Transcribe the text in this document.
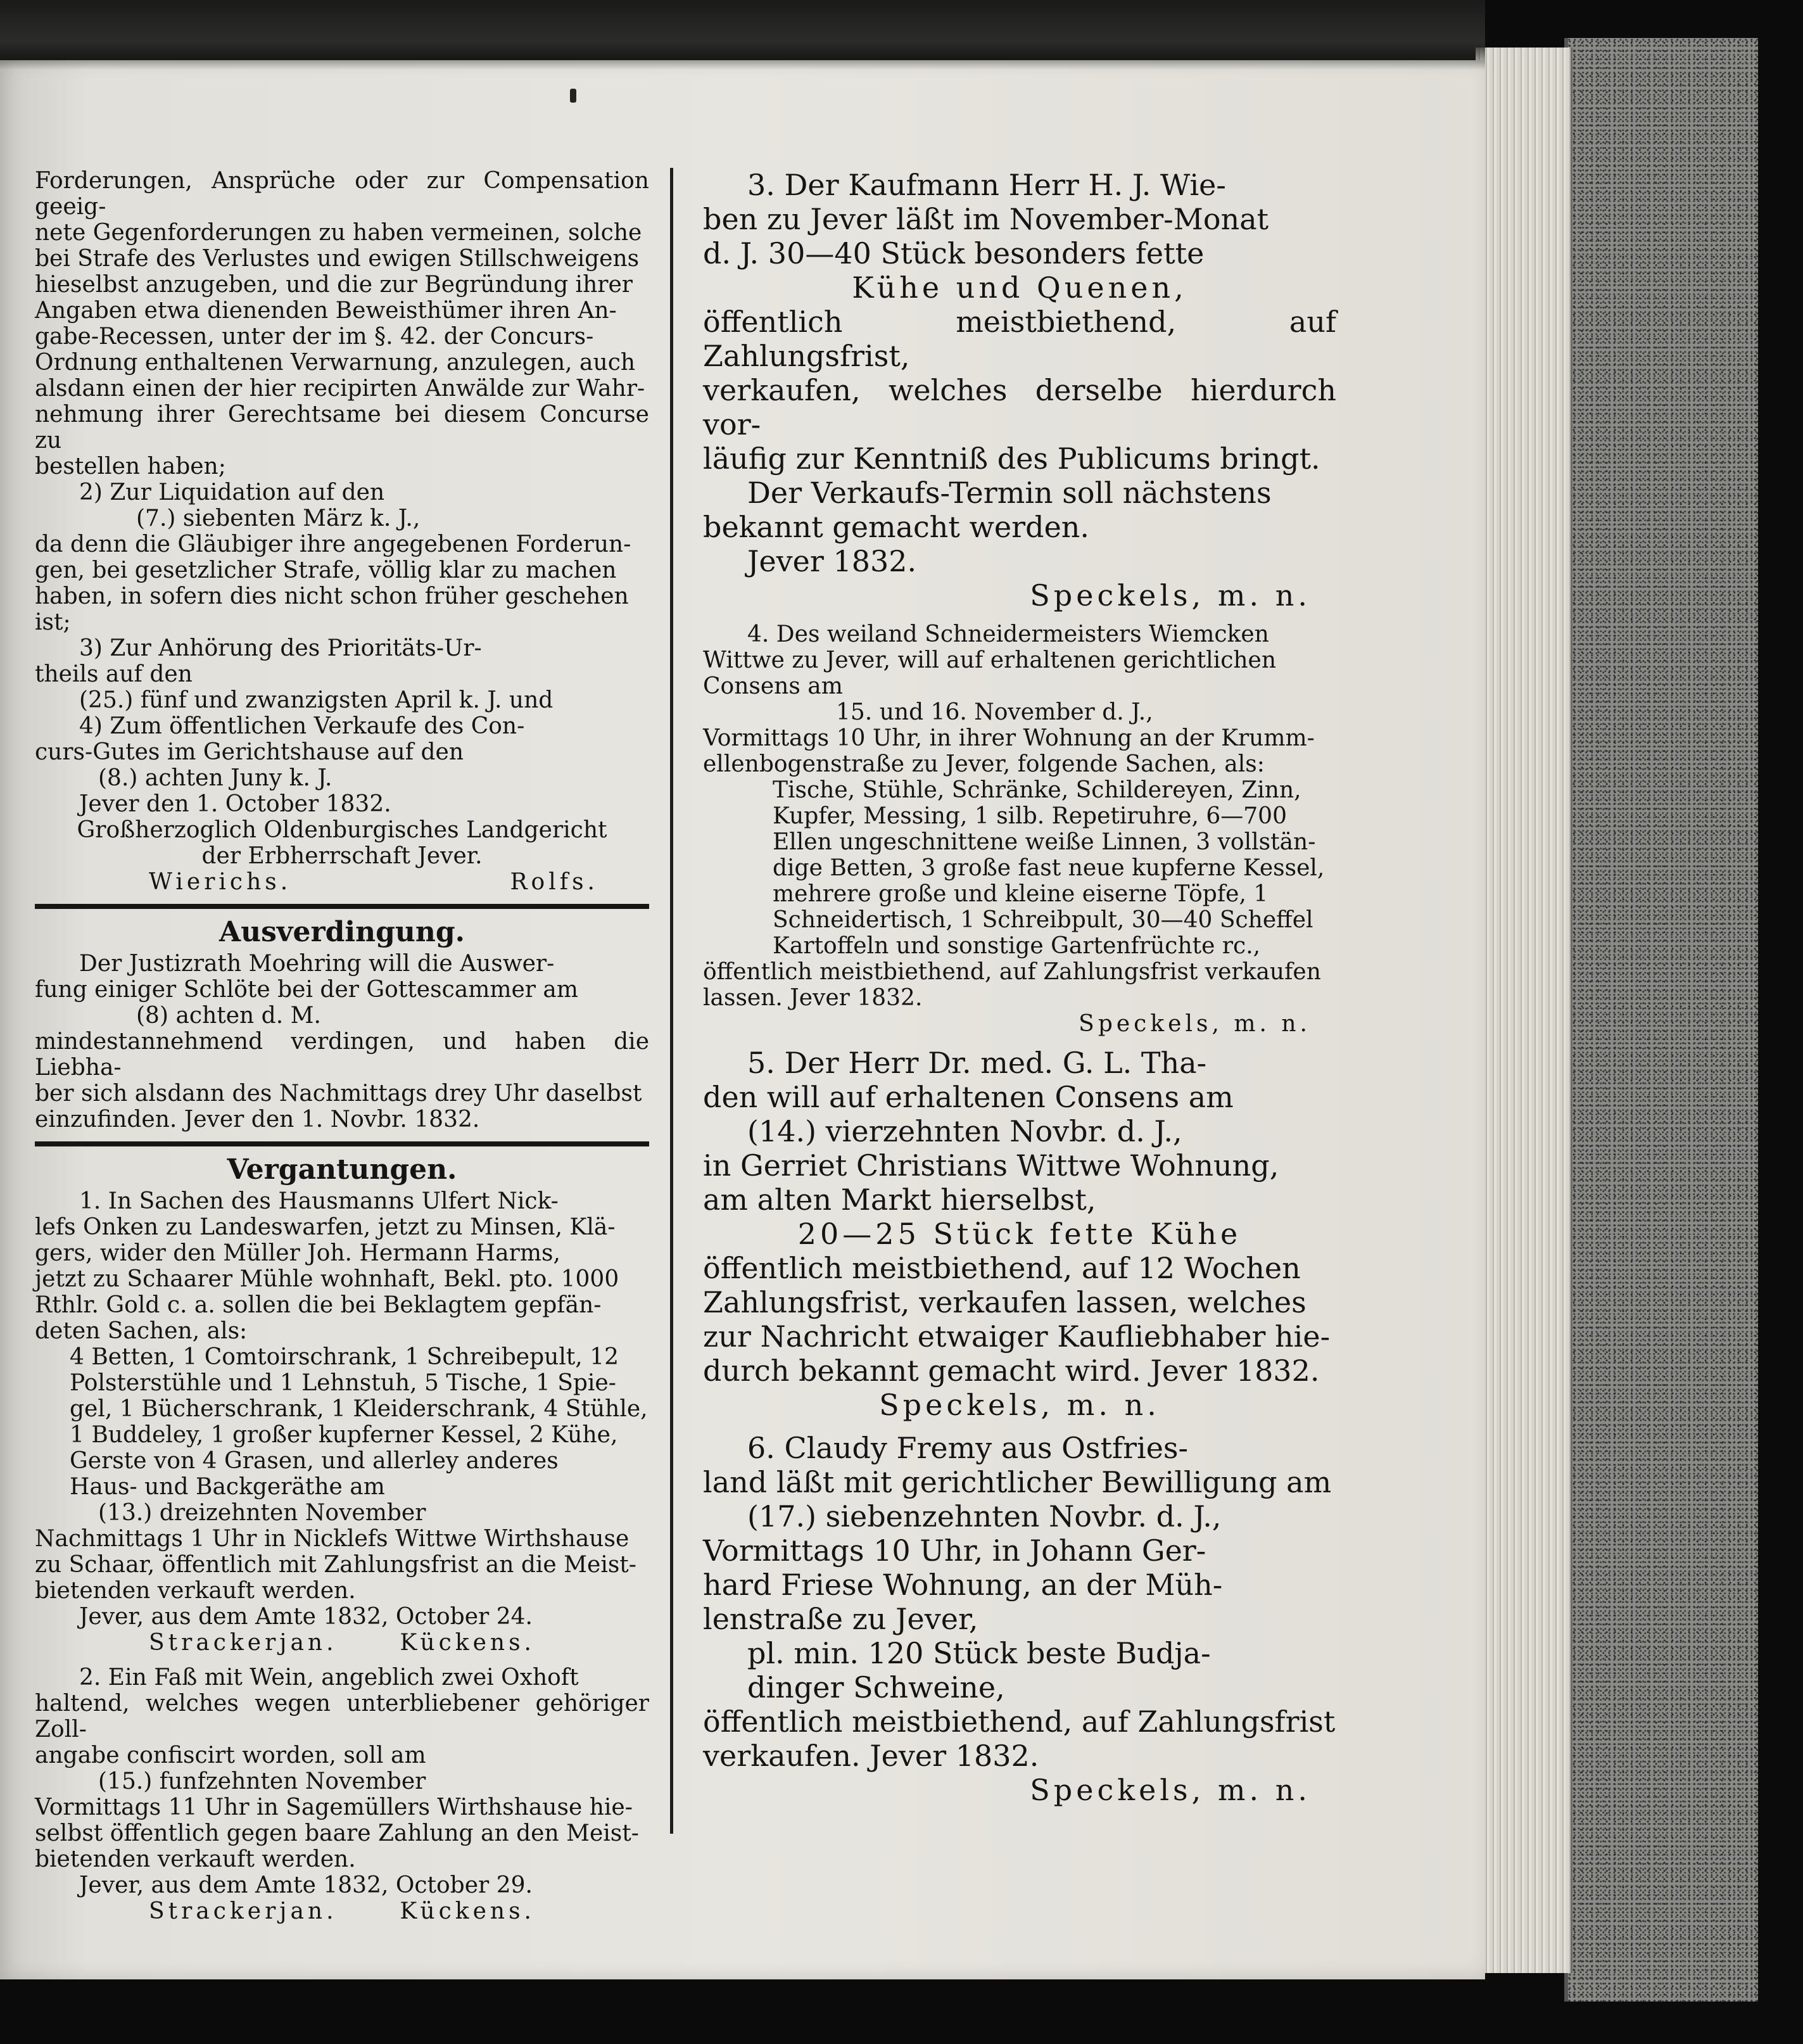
Forderungen, Ansprüche oder zur Compensation geeig-

nete Gegenforderungen zu haben vermeinen, solche

bei Strafe des Verlustes und ewigen Stillschweigens

hieselbst anzugeben, und die zur Begründung ihrer

Angaben etwa dienenden Beweisthümer ihren An-

gabe-Recessen, unter der im §. 42. der Concurs-

Ordnung enthaltenen Verwarnung, anzulegen, auch

alsdann einen der hier recipirten Anwälde zur Wahr-

nehmung ihrer Gerechtsame bei diesem Concurse zu

bestellen haben;

2) Zur Liquidation auf den

(7.) siebenten März k. J.,

da denn die Gläubiger ihre angegebenen Forderun-

gen, bei gesetzlicher Strafe, völlig klar zu machen

haben, in sofern dies nicht schon früher geschehen ist;

3) Zur Anhörung des Prioritäts-Ur-

theils auf den

(25.) fünf und zwanzigsten April k. J. und

4) Zum öffentlichen Verkaufe des Con-

curs-Gutes im Gerichtshause auf den

(8.) achten Juny k. J.

Jever den 1. October 1832.

Großherzoglich Oldenburgisches Landgericht

der Erbherrschaft Jever.

Wierichs.	Rolfs.

Ausverdingung.

Der Justizrath Moehring will die Auswer-

fung einiger Schlöte bei der Gottescammer am

(8) achten d. M.

mindestannehmend verdingen, und haben die Liebha-

ber sich alsdann des Nachmittags drey Uhr daselbst

einzufinden. Jever den 1. Novbr. 1832.

Vergantungen.

1. In Sachen des Hausmanns Ulfert Nick-

lefs Onken zu Landeswarfen, jetzt zu Minsen, Klä-

gers, wider den Müller Joh. Hermann Harms,

jetzt zu Schaarer Mühle wohnhaft, Bekl. pto. 1000

Rthlr. Gold c. a. sollen die bei Beklagtem gepfän-

deten Sachen, als:

4 Betten, 1 Comtoirschrank, 1 Schreibepult, 12

Polsterstühle und 1 Lehnstuh, 5 Tische, 1 Spie-

gel, 1 Bücherschrank, 1 Kleiderschrank, 4 Stühle,

1 Buddeley, 1 großer kupferner Kessel, 2 Kühe,

Gerste von 4 Grasen, und allerley anderes

Haus- und Backgeräthe am

(13.) dreizehnten November

Nachmittags 1 Uhr in Nicklefs Wittwe Wirthshause

zu Schaar, öffentlich mit Zahlungsfrist an die Meist-

bietenden verkauft werden.

Jever, aus dem Amte 1832, October 24.

Strackerjan.	Kückens.

2. Ein Faß mit Wein, angeblich zwei Oxhoft

haltend, welches wegen unterbliebener gehöriger Zoll-

angabe confiscirt worden, soll am

(15.) funfzehnten November

Vormittags 11 Uhr in Sagemüllers Wirthshause hie-

selbst öffentlich gegen baare Zahlung an den Meist-

bietenden verkauft werden.

Jever, aus dem Amte 1832, October 29.

Strackerjan.	Kückens.

3. Der Kaufmann Herr H. J. Wie-

ben zu Jever läßt im November-Monat

d. J. 30—40 Stück besonders fette

Kühe und Quenen,

öffentlich meistbiethend, auf Zahlungsfrist,

verkaufen, welches derselbe hierdurch vor-

läufig zur Kenntniß des Publicums bringt.

Der Verkaufs-Termin soll nächstens

bekannt gemacht werden.

Jever 1832.

Speckels, m. n.

4. Des weiland Schneidermeisters Wiemcken

Wittwe zu Jever, will auf erhaltenen gerichtlichen

Consens am

15. und 16. November d. J.,

Vormittags 10 Uhr, in ihrer Wohnung an der Krumm-

ellenbogenstraße zu Jever, folgende Sachen, als:

Tische, Stühle, Schränke, Schildereyen, Zinn,

Kupfer, Messing, 1 silb. Repetiruhre, 6—700

Ellen ungeschnittene weiße Linnen, 3 vollstän-

dige Betten, 3 große fast neue kupferne Kessel,

mehrere große und kleine eiserne Töpfe, 1

Schneidertisch, 1 Schreibpult, 30—40 Scheffel

Kartoffeln und sonstige Gartenfrüchte rc.,

öffentlich meistbiethend, auf Zahlungsfrist verkaufen

lassen. Jever 1832.

Speckels, m. n.

5. Der Herr Dr. med. G. L. Tha-

den will auf erhaltenen Consens am

(14.) vierzehnten Novbr. d. J.,

in Gerriet Christians Wittwe Wohnung,

am alten Markt hierselbst,

20—25 Stück fette Kühe

öffentlich meistbiethend, auf 12 Wochen

Zahlungsfrist, verkaufen lassen, welches

zur Nachricht etwaiger Kaufliebhaber hie-

durch bekannt gemacht wird. Jever 1832.

Speckels, m. n.

6. Claudy Fremy aus Ostfries-

land läßt mit gerichtlicher Bewilligung am

(17.) siebenzehnten Novbr. d. J.,

Vormittags 10 Uhr, in Johann Ger-

hard Friese Wohnung, an der Müh-

lenstraße zu Jever,

pl. min. 120 Stück beste Budja-

dinger Schweine,

öffentlich meistbiethend, auf Zahlungsfrist

verkaufen. Jever 1832.

Speckels, m. n.
